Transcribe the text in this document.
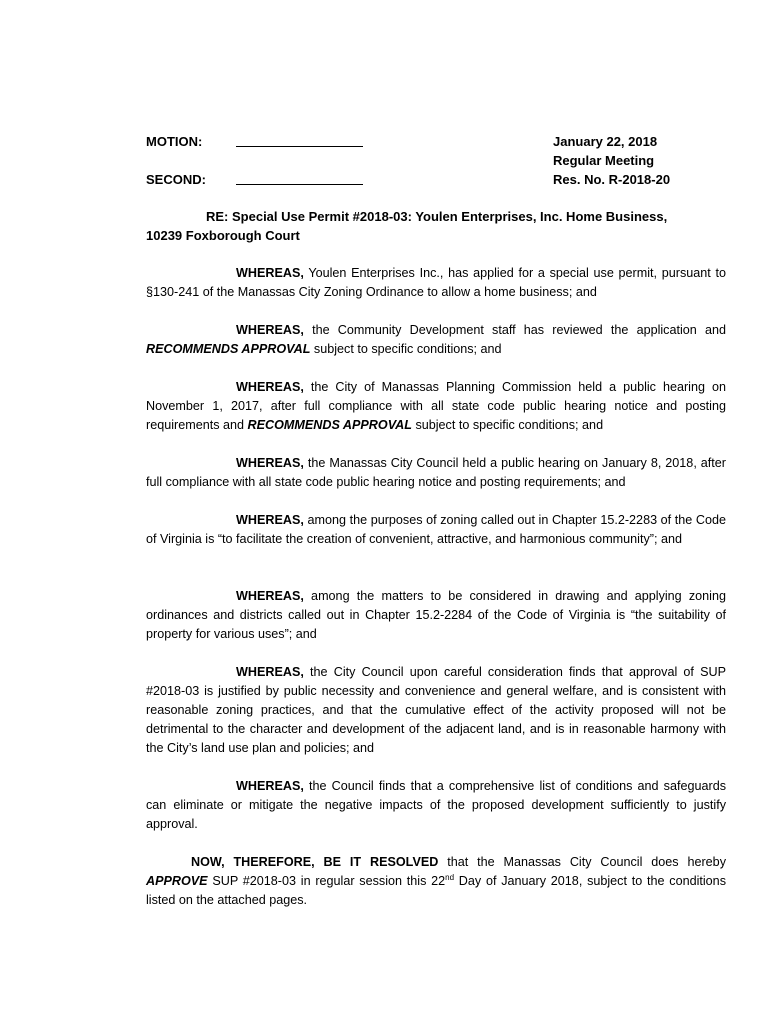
MOTION:
SECOND:
January 22, 2018
Regular Meeting
Res. No. R-2018-20
RE: Special Use Permit #2018-03: Youlen Enterprises, Inc. Home Business,
10239 Foxborough Court
WHEREAS, Youlen Enterprises Inc., has applied for a special use permit, pursuant to §130-241 of the Manassas City Zoning Ordinance to allow a home business; and
WHEREAS, the Community Development staff has reviewed the application and RECOMMENDS APPROVAL subject to specific conditions; and
WHEREAS, the City of Manassas Planning Commission held a public hearing on November 1, 2017, after full compliance with all state code public hearing notice and posting requirements and RECOMMENDS APPROVAL subject to specific conditions; and
WHEREAS, the Manassas City Council held a public hearing on January 8, 2018, after full compliance with all state code public hearing notice and posting requirements; and
WHEREAS, among the purposes of zoning called out in Chapter 15.2-2283 of the Code of Virginia is “to facilitate the creation of convenient, attractive, and harmonious community”; and
WHEREAS, among the matters to be considered in drawing and applying zoning ordinances and districts called out in Chapter 15.2-2284 of the Code of Virginia is “the suitability of property for various uses”; and
WHEREAS, the City Council upon careful consideration finds that approval of SUP #2018-03 is justified by public necessity and convenience and general welfare, and is consistent with reasonable zoning practices, and that the cumulative effect of the activity proposed will not be detrimental to the character and development of the adjacent land, and is in reasonable harmony with the City’s land use plan and policies; and
WHEREAS, the Council finds that a comprehensive list of conditions and safeguards can eliminate or mitigate the negative impacts of the proposed development sufficiently to justify approval.
NOW, THEREFORE, BE IT RESOLVED that the Manassas City Council does hereby APPROVE SUP #2018-03 in regular session this 22nd Day of January 2018, subject to the conditions listed on the attached pages.
